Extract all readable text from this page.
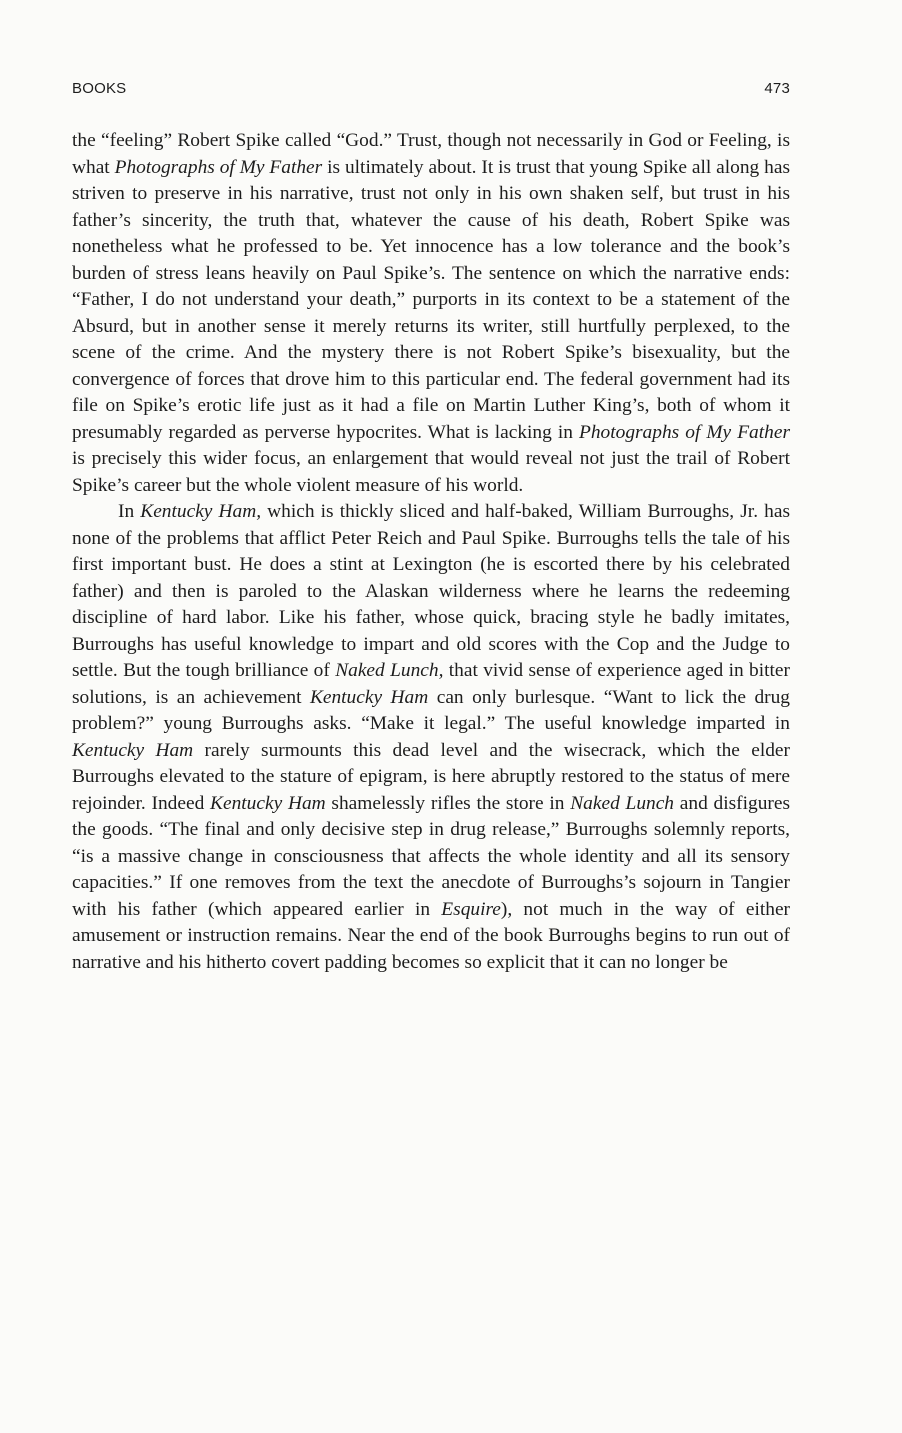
BOOKS	473

the “feeling” Robert Spike called “God.” Trust, though not necessarily in God or Feeling, is what Photographs of My Father is ultimately about. It is trust that young Spike all along has striven to preserve in his narrative, trust not only in his own shaken self, but trust in his father’s sincerity, the truth that, whatever the cause of his death, Robert Spike was nonetheless what he professed to be. Yet innocence has a low tolerance and the book’s burden of stress leans heavily on Paul Spike’s. The sentence on which the narrative ends: “Father, I do not understand your death,” purports in its context to be a statement of the Absurd, but in another sense it merely returns its writer, still hurtfully perplexed, to the scene of the crime. And the mystery there is not Robert Spike’s bisexuality, but the convergence of forces that drove him to this particular end. The federal government had its file on Spike’s erotic life just as it had a file on Martin Luther King’s, both of whom it presumably regarded as perverse hypocrites. What is lacking in Photographs of My Father is precisely this wider focus, an enlargement that would reveal not just the trail of Robert Spike’s career but the whole violent measure of his world.

In Kentucky Ham, which is thickly sliced and half-baked, William Burroughs, Jr. has none of the problems that afflict Peter Reich and Paul Spike. Burroughs tells the tale of his first important bust. He does a stint at Lexington (he is escorted there by his celebrated father) and then is paroled to the Alaskan wilderness where he learns the redeeming discipline of hard labor. Like his father, whose quick, bracing style he badly imitates, Burroughs has useful knowledge to impart and old scores with the Cop and the Judge to settle. But the tough brilliance of Naked Lunch, that vivid sense of experience aged in bitter solutions, is an achievement Kentucky Ham can only burlesque. “Want to lick the drug problem?” young Burroughs asks. “Make it legal.” The useful knowledge imparted in Kentucky Ham rarely surmounts this dead level and the wisecrack, which the elder Burroughs elevated to the stature of epigram, is here abruptly restored to the status of mere rejoinder. Indeed Kentucky Ham shamelessly rifles the store in Naked Lunch and disfigures the goods. “The final and only decisive step in drug release,” Burroughs solemnly reports, “is a massive change in consciousness that affects the whole identity and all its sensory capacities.” If one removes from the text the anecdote of Burroughs’s sojourn in Tangier with his father (which appeared earlier in Esquire), not much in the way of either amusement or instruction remains. Near the end of the book Burroughs begins to run out of narrative and his hitherto covert padding becomes so explicit that it can no longer be
